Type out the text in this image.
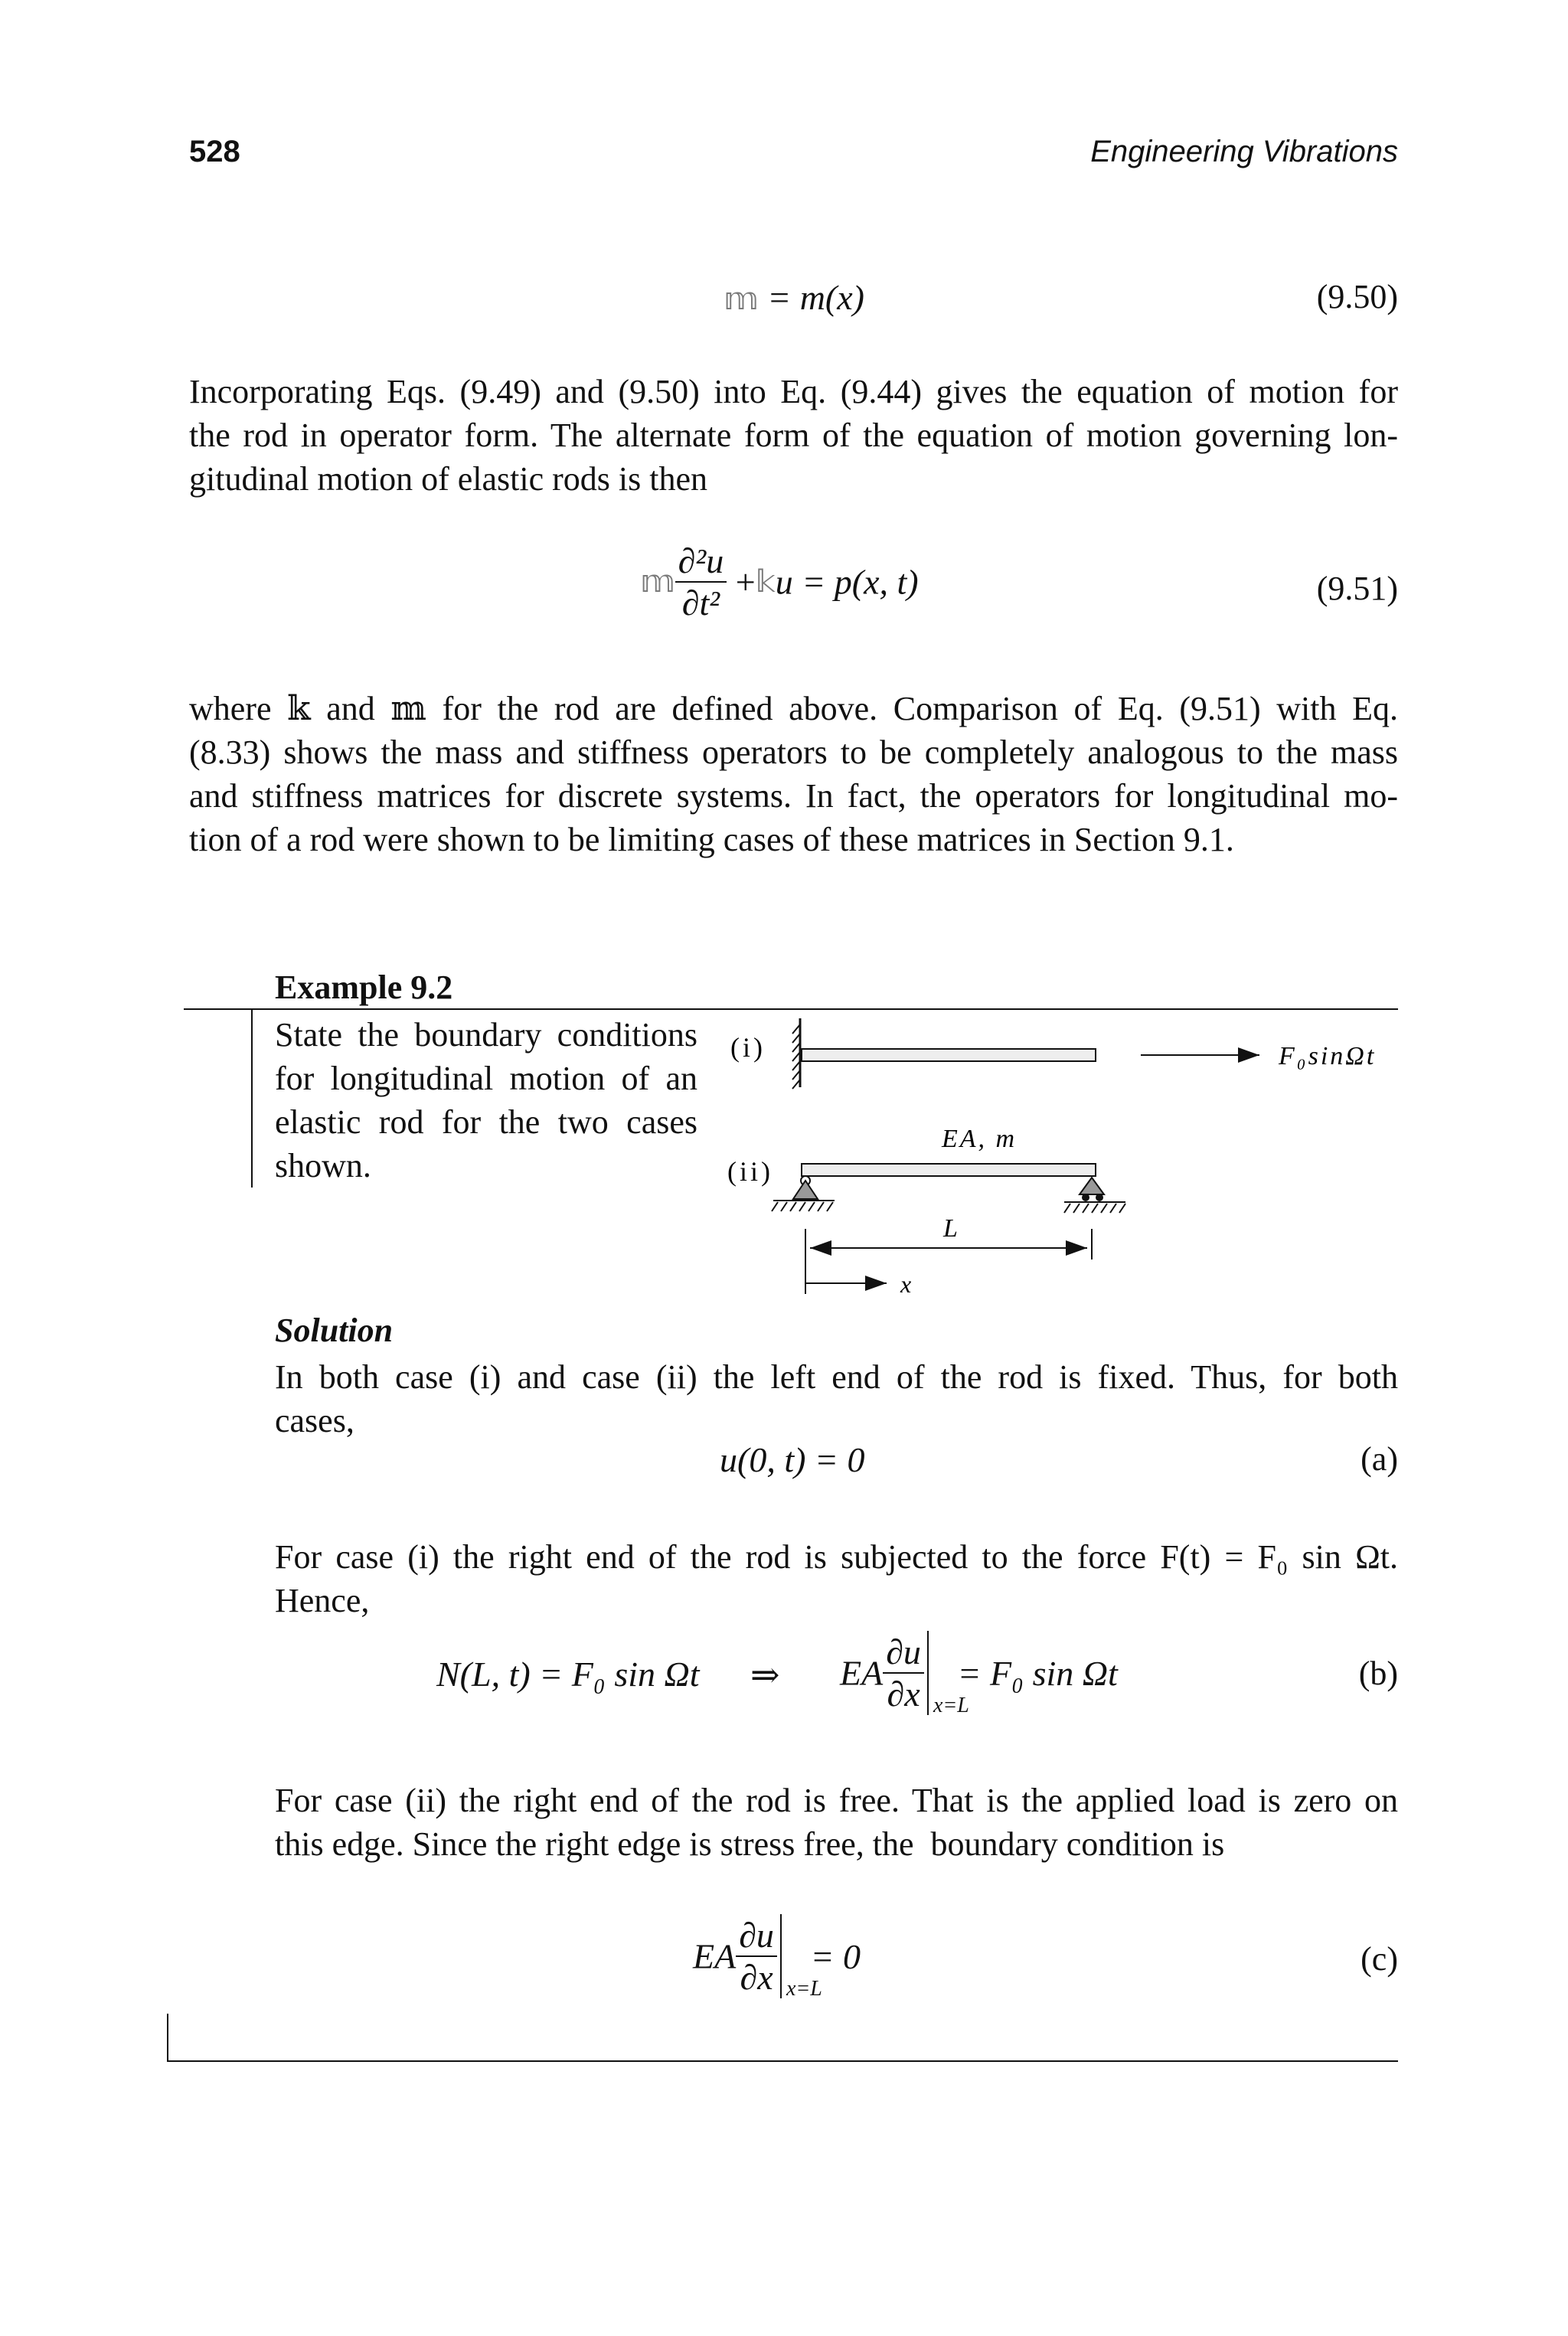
528	Engineering Vibrations
𝕞 = m(x)	(9.50)
Incorporating Eqs. (9.49) and (9.50) into Eq. (9.44) gives the equation of motion for
the rod in operator form. The alternate form of the equation of motion governing lon-
gitudinal motion of elastic rods is then
𝕞 $\frac{\text{∂²u}}{\text{∂t²}}$ +𝕜u = p(x, t)	(9.51)
where 𝕜 and 𝕞 for the rod are defined above. Comparison of Eq. (9.51) with Eq.
(8.33) shows the mass and stiffness operators to be completely analogous to the mass
and stiffness matrices for discrete systems. In fact, the operators for longitudinal mo-
tion of a rod were shown to be limiting cases of these matrices in Section 9.1.
Example 9.2
State the boundary conditions
for longitudinal motion of an
elastic rod for the two cases
shown.
(i)	F₀sinΩt
EA, m
(ii)
L
x
Solution
In both case (i) and case (ii) the left end of the rod is fixed. Thus, for both
cases,
u(0, t) = 0	(a)
For case (i) the right end of the rod is subjected to the force F(t) = F₀ sin Ωt.
Hence,
N(L, t) = F₀ sin Ωt ⇒ EA $\frac{\partial u}{\partial x} x=L$
= F₀ sin Ωt	(b)
For case (ii) the right end of the rod is free. That is the applied load is zero on
this edge. Since the right edge is stress free, the  boundary condition is
EA $\frac{\partial u}{\partial x} x=L$
= 0	(c)
